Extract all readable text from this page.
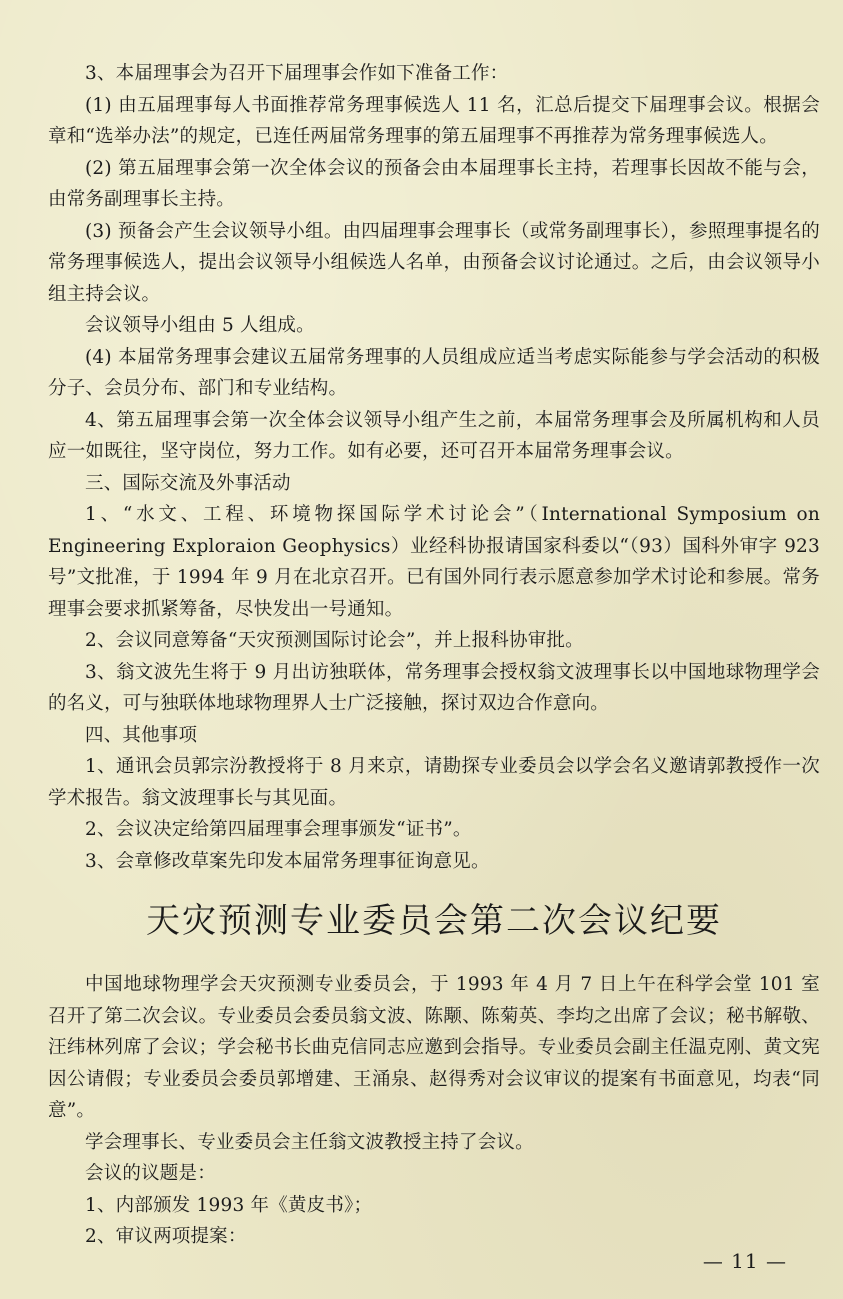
3、本届理事会为召开下届理事会作如下准备工作：

(1) 由五届理事每人书面推荐常务理事候选人 11 名，汇总后提交下届理事会议。根据会章和“选举办法”的规定，已连任两届常务理事的第五届理事不再推荐为常务理事候选人。

(2) 第五届理事会第一次全体会议的预备会由本届理事长主持，若理事长因故不能与会，由常务副理事长主持。

(3) 预备会产生会议领导小组。由四届理事会理事长（或常务副理事长），参照理事提名的常务理事候选人，提出会议领导小组候选人名单，由预备会议讨论通过。之后，由会议领导小组主持会议。

会议领导小组由 5 人组成。

(4) 本届常务理事会建议五届常务理事的人员组成应适当考虑实际能参与学会活动的积极分子、会员分布、部门和专业结构。

4、第五届理事会第一次全体会议领导小组产生之前，本届常务理事会及所属机构和人员应一如既往，坚守岗位，努力工作。如有必要，还可召开本届常务理事会议。

三、国际交流及外事活动

1、“水文、工程、环境物探国际学术讨论会”（International Symposium on Engineering Exploraion Geophysics）业经科协报请国家科委以“（93）国科外审字 923 号”文批准，于 1994 年 9 月在北京召开。已有国外同行表示愿意参加学术讨论和参展。常务理事会要求抓紧筹备，尽快发出一号通知。

2、会议同意筹备“天灾预测国际讨论会”，并上报科协审批。

3、翁文波先生将于 9 月出访独联体，常务理事会授权翁文波理事长以中国地球物理学会的名义，可与独联体地球物理界人士广泛接触，探讨双边合作意向。

四、其他事项

1、通讯会员郭宗汾教授将于 8 月来京，请勘探专业委员会以学会名义邀请郭教授作一次学术报告。翁文波理事长与其见面。

2、会议决定给第四届理事会理事颁发“证书”。

3、会章修改草案先印发本届常务理事征询意见。

天灾预测专业委员会第二次会议纪要

中国地球物理学会天灾预测专业委员会，于 1993 年 4 月 7 日上午在科学会堂 101 室召开了第二次会议。专业委员会委员翁文波、陈颙、陈菊英、李均之出席了会议；秘书解敬、汪纬林列席了会议；学会秘书长曲克信同志应邀到会指导。专业委员会副主任温克刚、黄文宪因公请假；专业委员会委员郭增建、王涌泉、赵得秀对会议审议的提案有书面意见，均表“同意”。

学会理事长、专业委员会主任翁文波教授主持了会议。

会议的议题是：

1、内部颁发 1993 年《黄皮书》；

2、审议两项提案：

— 11 —
